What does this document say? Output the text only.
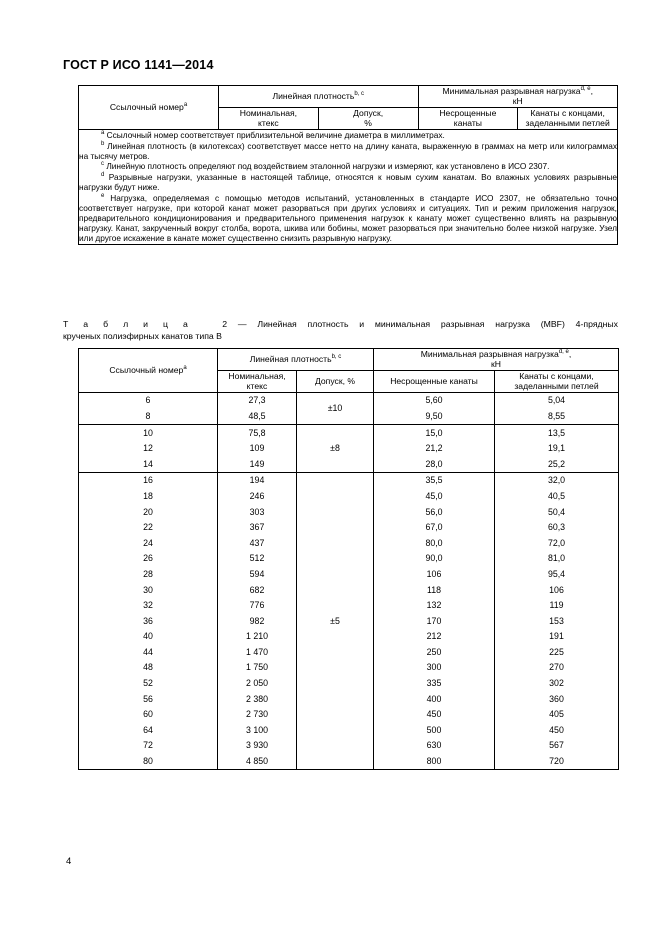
ГОСТ Р ИСО 1141—2014
Ссылочный номер$^a$	Линейная плотность$^{b, c}$		Минимальная разрывная нагрузка$^{d, e}$,
кН	
	Номинальная,
ктекс	Допуск,
%	Несрощенные
канаты	Канаты с концами,
заделанными петлей

$^a$ Ссылочный номер соответствует приблизительной величине диаметра в миллиметрах.

$^b$ Линейная плотность (в килотексах) соответствует массе нетто на длину каната, выраженную в граммах на метр или килограммах на тысячу метров.

$^c$ Линейную плотность определяют под воздействием эталонной нагрузки и измеряют, как установлено в ИСО 2307.

$^d$ Разрывные нагрузки, указанные в настоящей таблице, относятся к новым сухим канатам. Во влажных условиях разрывные нагрузки будут ниже.

$^e$ Нагрузка, определяемая с помощью методов испытаний, установленных в стандарте ИСО 2307, не обязательно точно соответствует нагрузке, при которой канат может разорваться при других условиях и ситуациях. Тип и режим приложения нагрузок, предварительного кондиционирования и предварительного применения нагрузок к канату может существенно влиять на разрывную нагрузку. Канат, закрученный вокруг столба, ворота, шкива или бобины, может разорваться при значительно более низкой нагрузке. Узел или другое искажение в канате может существенно снизить разрывную нагрузку.				

Т а б л и ц а	2 — Линейная плотность и минимальная разрывная нагрузка (MBF) 4-прядных
крученых полиэфирных канатов типа В
Ссылочный номер$^a$	Линейная плотность$^{b, c}$		Минимальная разрывная нагрузка$^{d, e}$,
кН	
	Номинальная,
ктекс	Допуск, %	Несрощенные канаты	Канаты с концами,
заделанными петлей
6	27,3	±10	5,60	5,04
8	48,5		9,50	8,55
10	75,8	±8	15,0	13,5
12	109		21,2	19,1
14	149		28,0	25,2
16	194	±5	35,5	32,0
18	246		45,0	40,5
20	303		56,0	50,4
22	367		67,0	60,3
24	437		80,0	72,0
26	512		90,0	81,0
28	594		106	95,4
30	682		118	106
32	776		132	119
36	982		170	153
40	1 210		212	191
44	1 470		250	225
48	1 750		300	270
52	2 050		335	302
56	2 380		400	360
60	2 730		450	405
64	3 100		500	450
72	3 930		630	567
80	4 850		800	720
4
